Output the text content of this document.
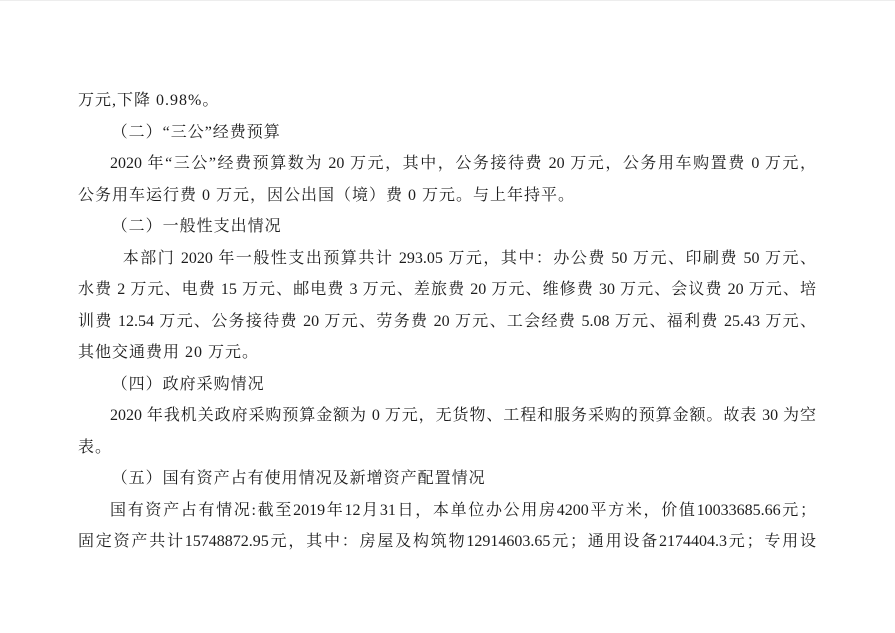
万元,下降 0.98%。
（二）“三公”经费预算
2020 年“三公”经费预算数为 20 万元，其中，公务接待费 20 万元，公务用车购置费 0 万元，
公务用车运行费 0 万元，因公出国（境）费 0 万元。与上年持平。
（二）一般性支出情况
本部门 2020 年一般性支出预算共计 293.05 万元，其中：办公费 50 万元、印刷费 50 万元、
水费 2 万元、电费 15 万元、邮电费 3 万元、差旅费 20 万元、维修费 30 万元、会议费 20 万元、培
训费 12.54 万元、公务接待费 20 万元、劳务费 20 万元、工会经费 5.08 万元、福利费 25.43 万元、
其他交通费用 20 万元。
（四）政府采购情况
2020 年我机关政府采购预算金额为 0 万元，无货物、工程和服务采购的预算金额。故表 30 为空
表。
（五）国有资产占有使用情况及新增资产配置情况
国有资产占有情况:截至2019年12月31日，本单位办公用房4200平方米，价值10033685.66元；
固定资产共计15748872.95元，其中：房屋及构筑物12914603.65元；通用设备2174404.3元；专用设
